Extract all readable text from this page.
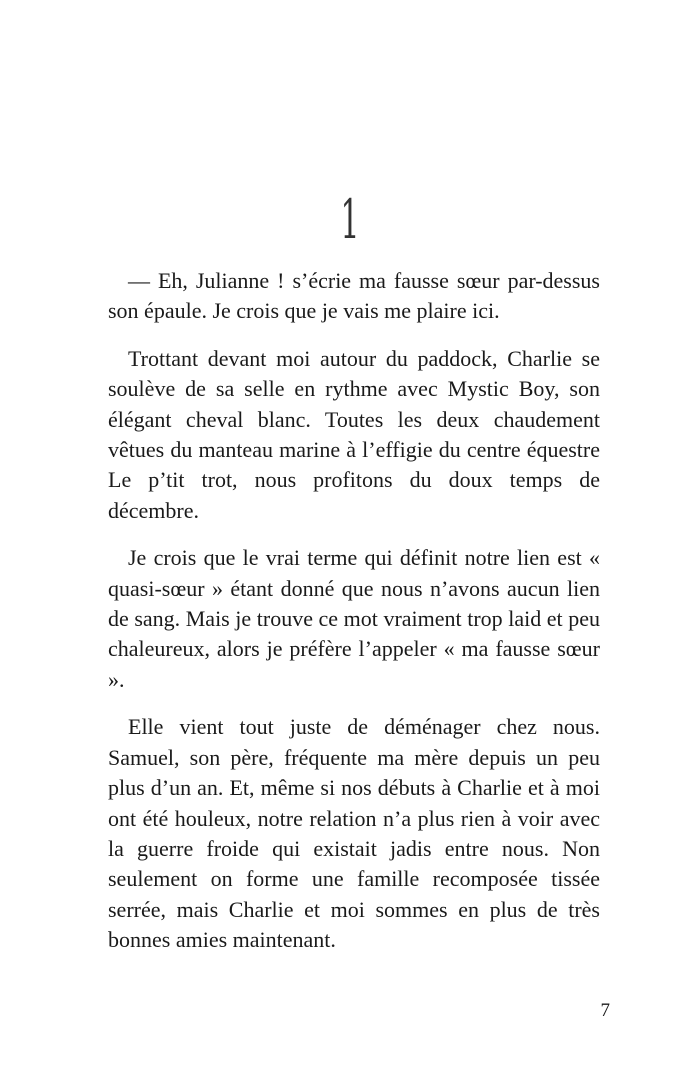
1

— Eh, Julianne ! s’écrie ma fausse sœur par-dessus son épaule. Je crois que je vais me plaire ici.

Trottant devant moi autour du paddock, Charlie se soulève de sa selle en rythme avec Mystic Boy, son élégant cheval blanc. Toutes les deux chaudement vêtues du manteau marine à l’effigie du centre équestre Le p’tit trot, nous profitons du doux temps de décembre.

Je crois que le vrai terme qui définit notre lien est « quasi-sœur » étant donné que nous n’avons aucun lien de sang. Mais je trouve ce mot vraiment trop laid et peu chaleureux, alors je préfère l’appeler « ma fausse sœur ».

Elle vient tout juste de déménager chez nous. Samuel, son père, fréquente ma mère depuis un peu plus d’un an. Et, même si nos débuts à Charlie et à moi ont été houleux, notre relation n’a plus rien à voir avec la guerre froide qui existait jadis entre nous. Non seulement on forme une famille recomposée tissée serrée, mais Charlie et moi sommes en plus de très bonnes amies maintenant.

7
